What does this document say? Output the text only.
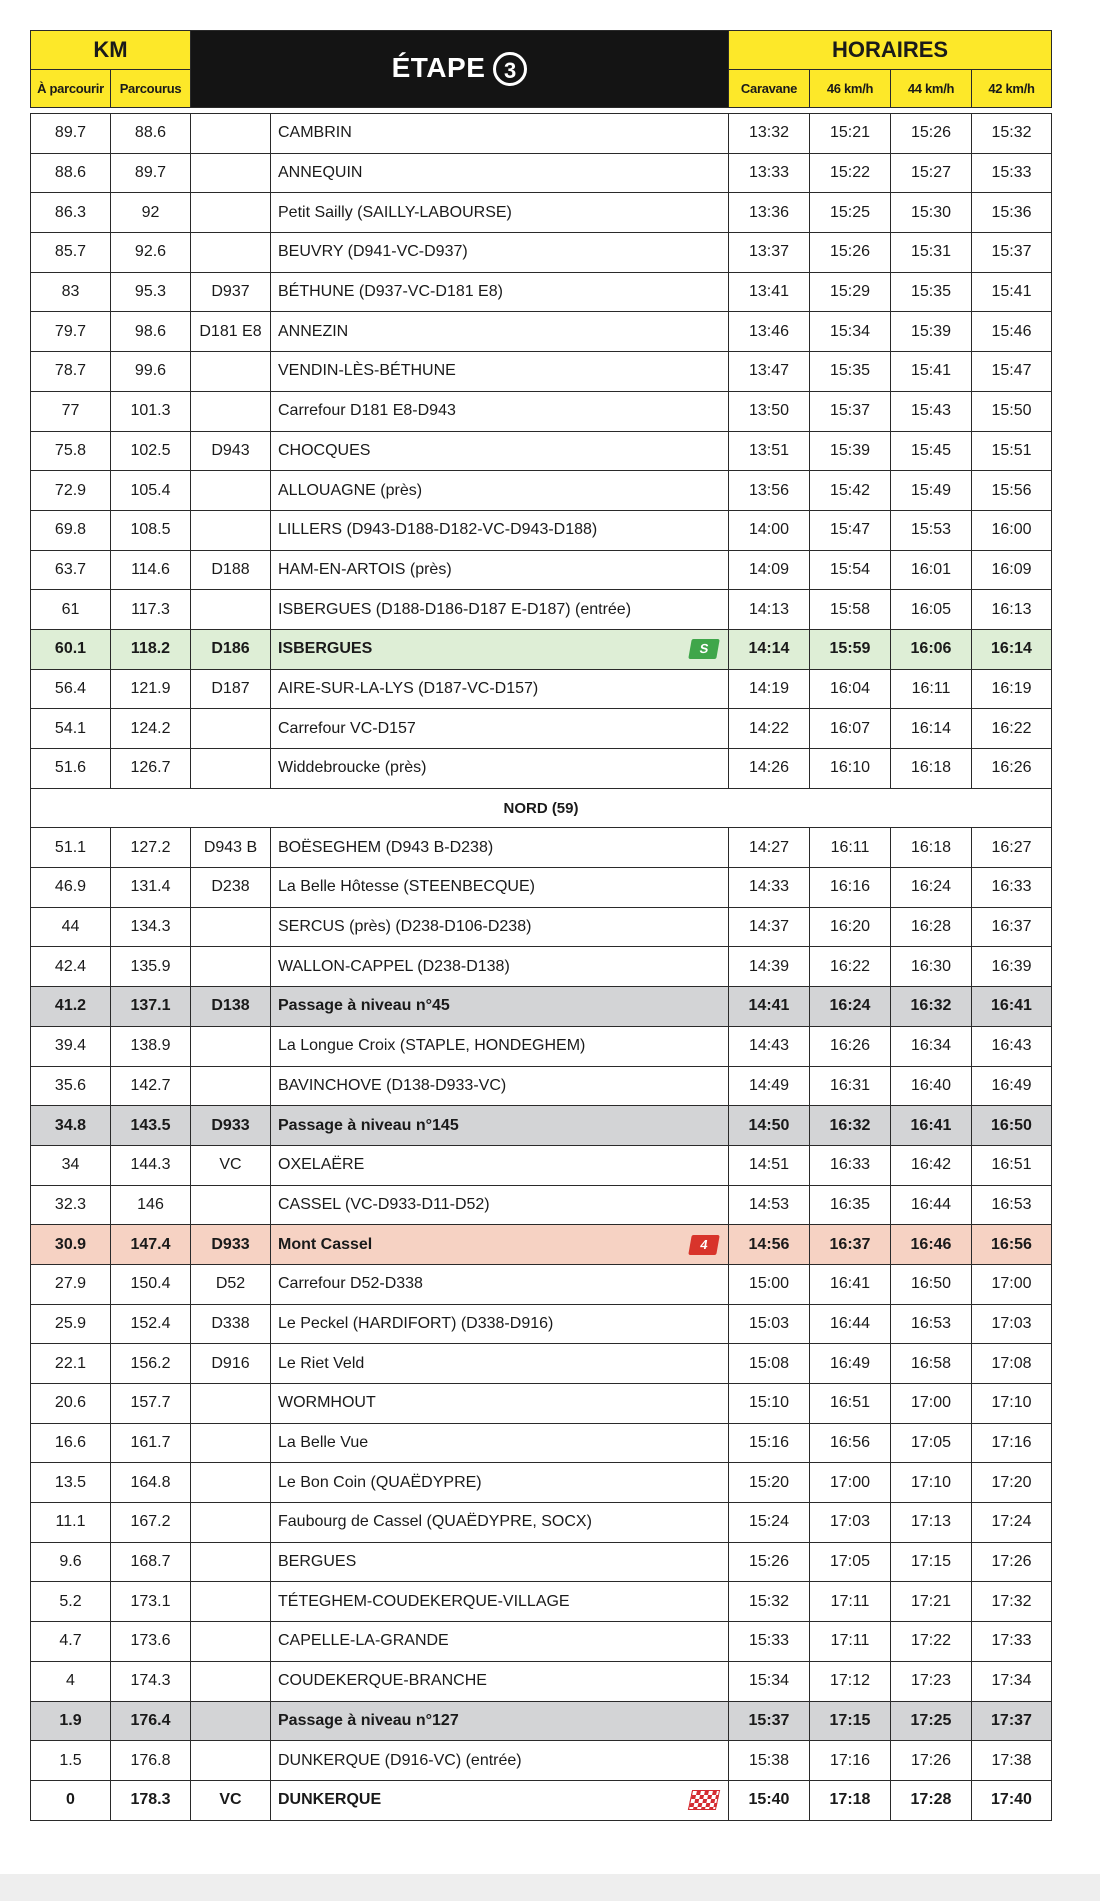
KM		ÉTAPE 3		HORAIRES			
À parcourir	Parcourus			Caravane	46 km/h	44 km/h	42 km/h

89.7	88.6		CAMBRIN	13:32	15:21	15:26	15:32
88.6	89.7		ANNEQUIN	13:33	15:22	15:27	15:33
86.3	92		Petit Sailly (SAILLY-LABOURSE)	13:36	15:25	15:30	15:36
85.7	92.6		BEUVRY (D941-VC-D937)	13:37	15:26	15:31	15:37
83	95.3	D937	BÉTHUNE (D937-VC-D181 E8)	13:41	15:29	15:35	15:41
79.7	98.6	D181 E8	ANNEZIN	13:46	15:34	15:39	15:46
78.7	99.6		VENDIN-LÈS-BÉTHUNE	13:47	15:35	15:41	15:47
77	101.3		Carrefour D181 E8-D943	13:50	15:37	15:43	15:50
75.8	102.5	D943	CHOCQUES	13:51	15:39	15:45	15:51
72.9	105.4		ALLOUAGNE (près)	13:56	15:42	15:49	15:56
69.8	108.5		LILLERS (D943-D188-D182-VC-D943-D188)	14:00	15:47	15:53	16:00
63.7	114.6	D188	HAM-EN-ARTOIS (près)	14:09	15:54	16:01	16:09
61	117.3		ISBERGUES (D188-D186-D187 E-D187) (entrée)	14:13	15:58	16:05	16:13
60.1	118.2	D186	ISBERGUES S	14:14	15:59	16:06	16:14
56.4	121.9	D187	AIRE-SUR-LA-LYS (D187-VC-D157)	14:19	16:04	16:11	16:19
54.1	124.2		Carrefour VC-D157	14:22	16:07	16:14	16:22
51.6	126.7		Widdebroucke (près)	14:26	16:10	16:18	16:26
NORD (59)							
51.1	127.2	D943 B	BOËSEGHEM (D943 B-D238)	14:27	16:11	16:18	16:27
46.9	131.4	D238	La Belle Hôtesse (STEENBECQUE)	14:33	16:16	16:24	16:33
44	134.3		SERCUS (près) (D238-D106-D238)	14:37	16:20	16:28	16:37
42.4	135.9		WALLON-CAPPEL (D238-D138)	14:39	16:22	16:30	16:39
41.2	137.1	D138	Passage à niveau n°45	14:41	16:24	16:32	16:41
39.4	138.9		La Longue Croix (STAPLE, HONDEGHEM)	14:43	16:26	16:34	16:43
35.6	142.7		BAVINCHOVE (D138-D933-VC)	14:49	16:31	16:40	16:49
34.8	143.5	D933	Passage à niveau n°145	14:50	16:32	16:41	16:50
34	144.3	VC	OXELAËRE	14:51	16:33	16:42	16:51
32.3	146		CASSEL (VC-D933-D11-D52)	14:53	16:35	16:44	16:53
30.9	147.4	D933	Mont Cassel 4	14:56	16:37	16:46	16:56
27.9	150.4	D52	Carrefour D52-D338	15:00	16:41	16:50	17:00
25.9	152.4	D338	Le Peckel (HARDIFORT) (D338-D916)	15:03	16:44	16:53	17:03
22.1	156.2	D916	Le Riet Veld	15:08	16:49	16:58	17:08
20.6	157.7		WORMHOUT	15:10	16:51	17:00	17:10
16.6	161.7		La Belle Vue	15:16	16:56	17:05	17:16
13.5	164.8		Le Bon Coin (QUAËDYPRE)	15:20	17:00	17:10	17:20
11.1	167.2		Faubourg de Cassel (QUAËDYPRE, SOCX)	15:24	17:03	17:13	17:24
9.6	168.7		BERGUES	15:26	17:05	17:15	17:26
5.2	173.1		TÉTEGHEM-COUDEKERQUE-VILLAGE	15:32	17:11	17:21	17:32
4.7	173.6		CAPELLE-LA-GRANDE	15:33	17:11	17:22	17:33
4	174.3		COUDEKERQUE-BRANCHE	15:34	17:12	17:23	17:34
1.9	176.4		Passage à niveau n°127	15:37	17:15	17:25	17:37
1.5	176.8		DUNKERQUE (D916-VC) (entrée)	15:38	17:16	17:26	17:38
0	178.3	VC	DUNKERQUE	15:40	17:18	17:28	17:40
